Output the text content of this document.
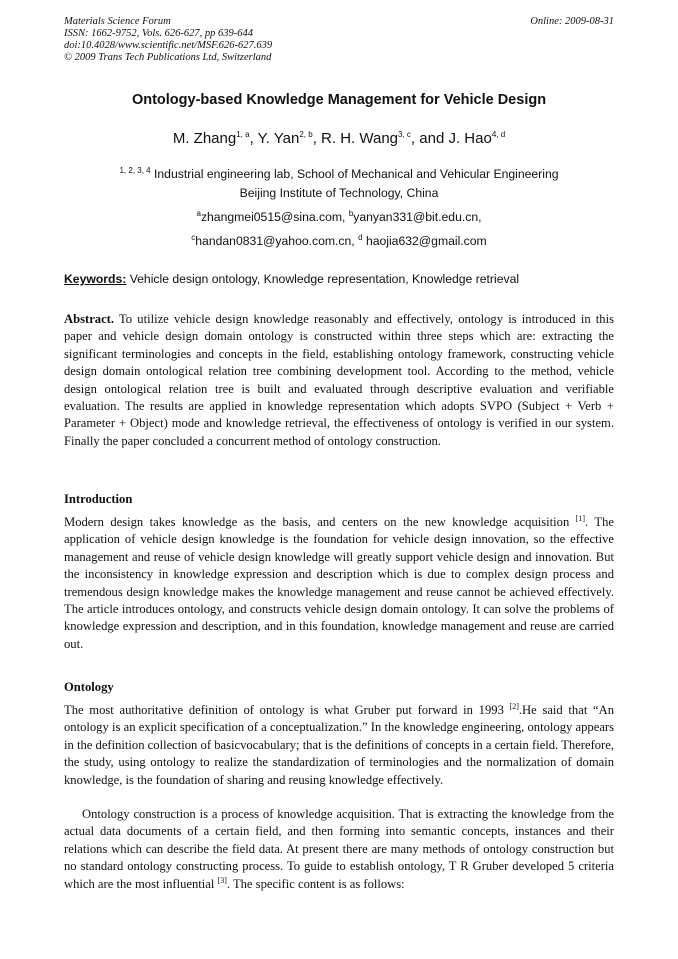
Materials Science Forum
ISSN: 1662-9752, Vols. 626-627, pp 639-644
doi:10.4028/www.scientific.net/MSF.626-627.639
© 2009 Trans Tech Publications Ltd, Switzerland
Online: 2009-08-31
Ontology-based Knowledge Management for Vehicle Design
M. Zhang$^{1, a}$, Y. Yan$^{2, b}$, R. H. Wang$^{3, c}$, and J. Hao$^{4, d}$
$^{1, 2, 3, 4}$ Industrial engineering lab, School of Mechanical and Vehicular Engineering
Beijing Institute of Technology, China
$^a$zhangmei0515@sina.com, $^b$yanyan331@bit.edu.cn,
$^c$handan0831@yahoo.com.cn, $^d$ haojia632@gmail.com
Keywords: Vehicle design ontology, Knowledge representation, Knowledge retrieval
Abstract. To utilize vehicle design knowledge reasonably and effectively, ontology is introduced in this paper and vehicle design domain ontology is constructed within three steps which are: extracting the significant terminologies and concepts in the field, establishing ontology framework, constructing vehicle design domain ontological relation tree combining development tool. According to the method, vehicle design ontological relation tree is built and evaluated through descriptive evaluation and verifiable evaluation. The results are applied in knowledge representation which adopts SVPO (Subject + Verb + Parameter + Object) mode and knowledge retrieval, the effectiveness of ontology is verified in our system. Finally the paper concluded a concurrent method of ontology construction.
Introduction
Modern design takes knowledge as the basis, and centers on the new knowledge acquisition [1]. The application of vehicle design knowledge is the foundation for vehicle design innovation, so the effective management and reuse of vehicle design knowledge will greatly support vehicle design and innovation. But the inconsistency in knowledge expression and description which is due to complex design process and tremendous design knowledge makes the knowledge management and reuse cannot be achieved effectively. The article introduces ontology, and constructs vehicle design domain ontology. It can solve the problems of knowledge expression and description, and in this foundation, knowledge management and reuse are carried out.
Ontology
The most authoritative definition of ontology is what Gruber put forward in 1993 [2].He said that “An ontology is an explicit specification of a conceptualization.” In the knowledge engineering, ontology appears in the definition collection of basicvocabulary; that is the definitions of concepts in a certain field. Therefore, the study, using ontology to realize the standardization of terminologies and the normalization of domain knowledge, is the foundation of sharing and reusing knowledge effectively.
Ontology construction is a process of knowledge acquisition. That is extracting the knowledge from the actual data documents of a certain field, and then forming into semantic concepts, instances and their relations which can describe the field data. At present there are many methods of ontology construction but no standard ontology constructing process. To guide to establish ontology, T R Gruber developed 5 criteria which are the most influential [3]. The specific content is as follows:
